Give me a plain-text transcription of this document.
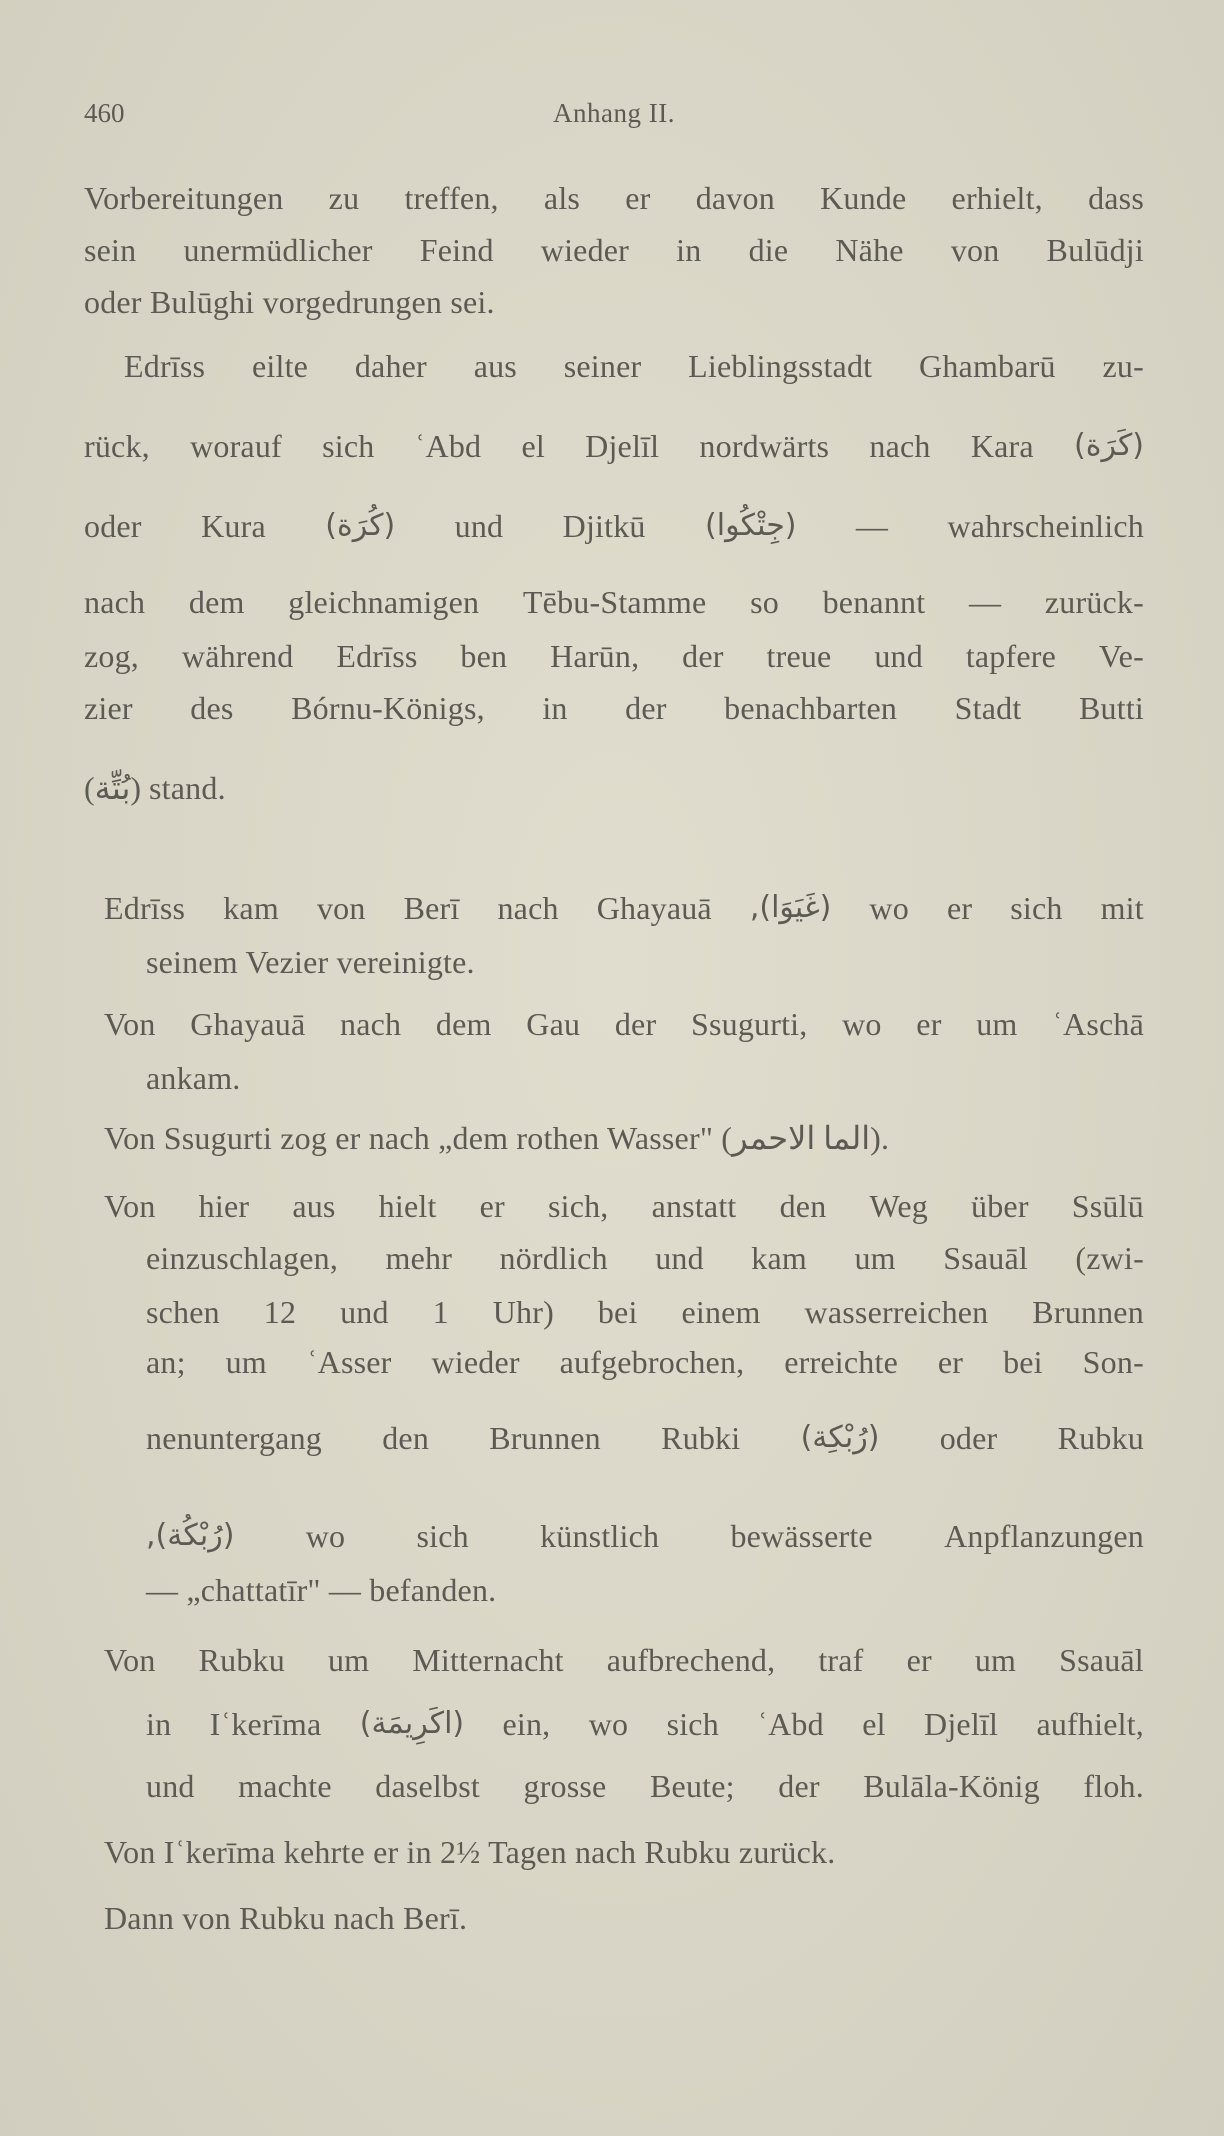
460	Anhang II.
Vorbereitungen zu treffen, als er davon Kunde erhielt, dass
sein unermüdlicher Feind wieder in die Nähe von Bulūdji
oder Bulūghi vorgedrungen sei.
Edrīss eilte daher aus seiner Lieblingsstadt Ghambarū zu-
rück, worauf sich ʿAbd el Djelīl nordwärts nach Kara (كَرَة)
oder Kura (كُرَة) und Djitkū (جِتْكُوا) — wahrscheinlich
nach dem gleichnamigen Tēbu-Stamme so benannt — zurück-
zog, während Edrīss ben Harūn, der treue und tapfere Ve-
zier des Bórnu-Königs, in der benachbarten Stadt Butti
(بُتِّة) stand.
Edrīss kam von Berī nach Ghayauā (غَيَوَا), wo er sich mit
seinem Vezier vereinigte.
Von Ghayauā nach dem Gau der Ssugurti, wo er um ʿAschā
ankam.
Von Ssugurti zog er nach „dem rothen Wasser" (الما الاحمر).
Von hier aus hielt er sich, anstatt den Weg über Ssūlū
einzuschlagen, mehr nördlich und kam um Ssauāl (zwi-
schen 12 und 1 Uhr) bei einem wasserreichen Brunnen
an; um ʿAsser wieder aufgebrochen, erreichte er bei Son-
nenuntergang den Brunnen Rubki (رُبْكِة) oder Rubku
(رُبْكُة), wo sich künstlich bewässerte Anpflanzungen
— „chattatīr" — befanden.
Von Rubku um Mitternacht aufbrechend, traf er um Ssauāl
in Iʿkerīma (اكَرِيمَة) ein, wo sich ʿAbd el Djelīl aufhielt,
und machte daselbst grosse Beute; der Bulāla-König floh.
Von Iʿkerīma kehrte er in 2½ Tagen nach Rubku zurück.
Dann von Rubku nach Berī.
